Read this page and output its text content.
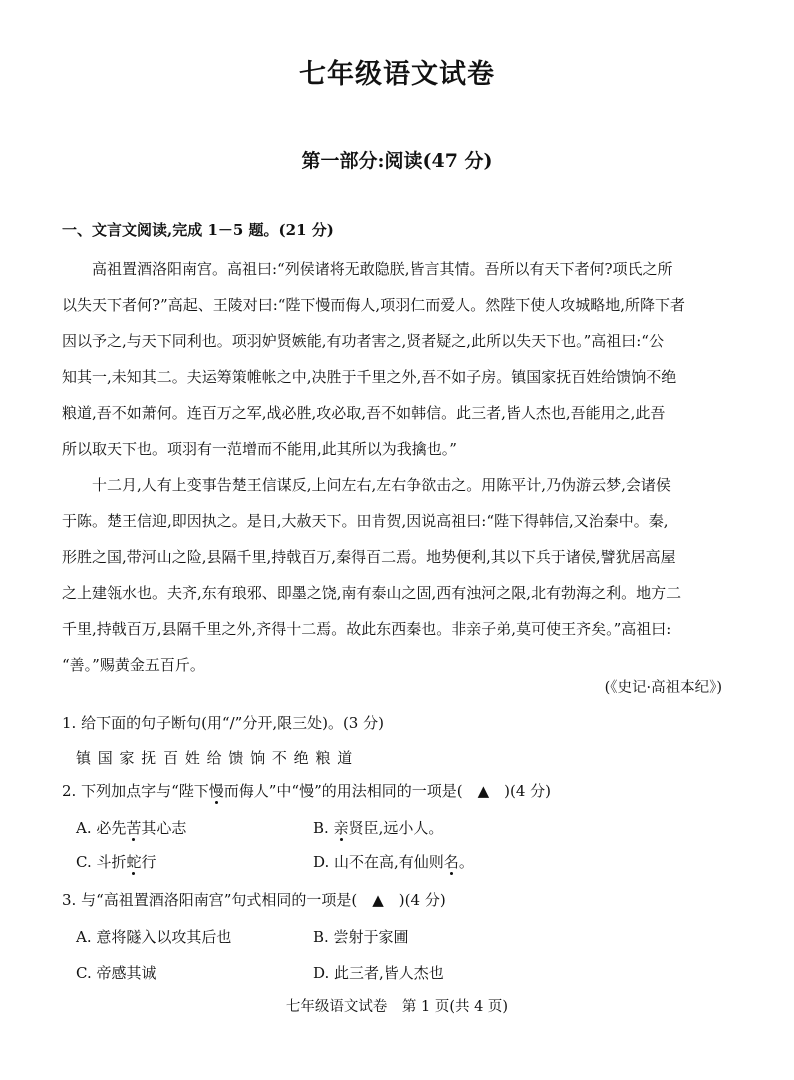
七年级语文试卷
第一部分:阅读(47 分)
一、文言文阅读,完成 1－5 题。(21 分)
　　高祖置酒洛阳南宫。高祖曰:“列侯诸将无敢隐朕,皆言其情。吾所以有天下者何?项氏之所
以失天下者何?”高起、王陵对曰:“陛下慢而侮人,项羽仁而爱人。然陛下使人攻城略地,所降下者
因以予之,与天下同利也。项羽妒贤嫉能,有功者害之,贤者疑之,此所以失天下也。”高祖曰:“公
知其一,未知其二。夫运筹策帷帐之中,决胜于千里之外,吾不如子房。镇国家抚百姓给馈饷不绝
粮道,吾不如萧何。连百万之军,战必胜,攻必取,吾不如韩信。此三者,皆人杰也,吾能用之,此吾
所以取天下也。项羽有一范增而不能用,此其所以为我擒也。”
　　十二月,人有上变事告楚王信谋反,上问左右,左右争欲击之。用陈平计,乃伪游云梦,会诸侯
于陈。楚王信迎,即因执之。是日,大赦天下。田肯贺,因说高祖曰:“陛下得韩信,又治秦中。秦,
形胜之国,带河山之险,县隔千里,持戟百万,秦得百二焉。地势便利,其以下兵于诸侯,譬犹居高屋
之上建瓴水也。夫齐,东有琅邪、即墨之饶,南有泰山之固,西有浊河之限,北有勃海之利。地方二
千里,持戟百万,县隔千里之外,齐得十二焉。故此东西秦也。非亲子弟,莫可使王齐矣。”高祖曰:
“善。”赐黄金五百斤。
(《史记·高祖本纪》)
1. 给下面的句子断句(用“/”分开,限三处)。(3 分)
镇 国 家 抚 百 姓 给 馈 饷 不 绝 粮 道
2. 下列加点字与“陛下慢而侮人”中“慢”的用法相同的一项是(　▲　)(4 分)
A. 必先苦其心志	B. 亲贤臣,远小人。
C. 斗折蛇行	D. 山不在高,有仙则名。
3. 与“高祖置酒洛阳南宫”句式相同的一项是(　▲　)(4 分)
A. 意将隧入以攻其后也	B. 尝射于家圃
C. 帝感其诚	D. 此三者,皆人杰也
七年级语文试卷　第 1 页(共 4 页)
